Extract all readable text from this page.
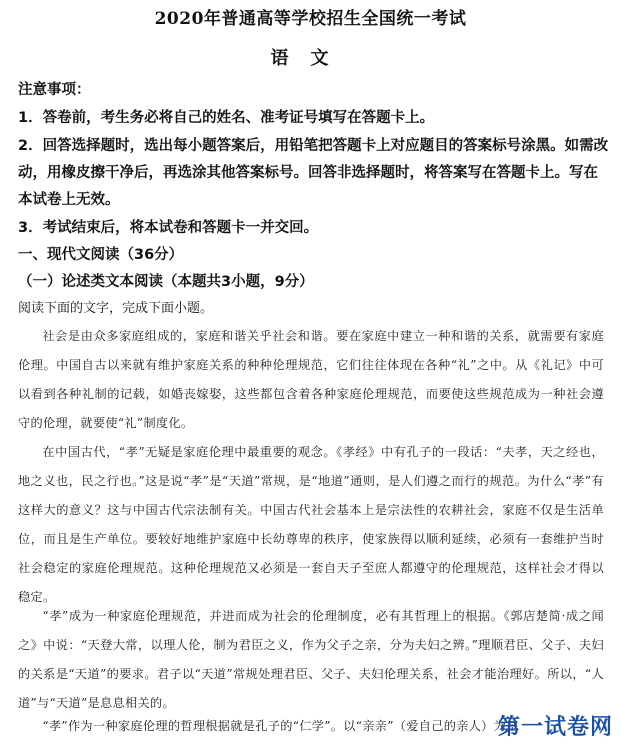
2020年普通高等学校招生全国统一考试
语文
注意事项：
1．答卷前，考生务必将自己的姓名、准考证号填写在答题卡上。
2．回答选择题时，选出每小题答案后，用铅笔把答题卡上对应题目的答案标号涂黑。如需改
动，用橡皮擦干净后，再选涂其他答案标号。回答非选择题时，将答案写在答题卡上。写在
本试卷上无效。
3．考试结束后，将本试卷和答题卡一并交回。
一、现代文阅读（36分）
（一）论述类文本阅读（本题共3小题，9分）
阅读下面的文字，完成下面小题。
社会是由众多家庭组成的，家庭和谐关乎社会和谐。要在家庭中建立一种和谐的关系，就需要有家庭伦理。中国自古以来就有维护家庭关系的种种伦理规范，它们往往体现在各种“礼”之中。从《礼记》中可以看到各种礼制的记载，如婚丧嫁娶，这些都包含着各种家庭伦理规范，而要使这些规范成为一种社会遵守的伦理，就要使“礼”制度化。
在中国古代，“孝”无疑是家庭伦理中最重要的观念。《孝经》中有孔子的一段话：“夫孝，天之经也，地之义也，民之行也。”这是说“孝”是“天道”常规，是“地道”通则，是人们遵之而行的规范。为什么“孝”有这样大的意义？这与中国古代宗法制有关。中国古代社会基本上是宗法性的农耕社会，家庭不仅是生活单位，而且是生产单位。要较好地维护家庭中长幼尊卑的秩序，使家族得以顺利延续，必须有一套维护当时社会稳定的家庭伦理规范。这种伦理规范又必须是一套自天子至庶人都遵守的伦理规范，这样社会才得以稳定。
“孝”成为一种家庭伦理规范，并进而成为社会的伦理制度，必有其哲理上的根据。《郭店楚简·成之闻之》中说：“天登大常，以理人伦，制为君臣之义，作为父子之亲，分为夫妇之辨。”理顺君臣、父子、夫妇的关系是“天道”的要求。君子以“天道”常规处理君臣、父子、夫妇伦理关系，社会才能治理好。所以，“人道”与“天道”是息息相关的。
“孝”作为一种家庭伦理的哲理根据就是孔子的“仁学”。以“亲亲”（爱自己的亲人）为基
第一试卷网
